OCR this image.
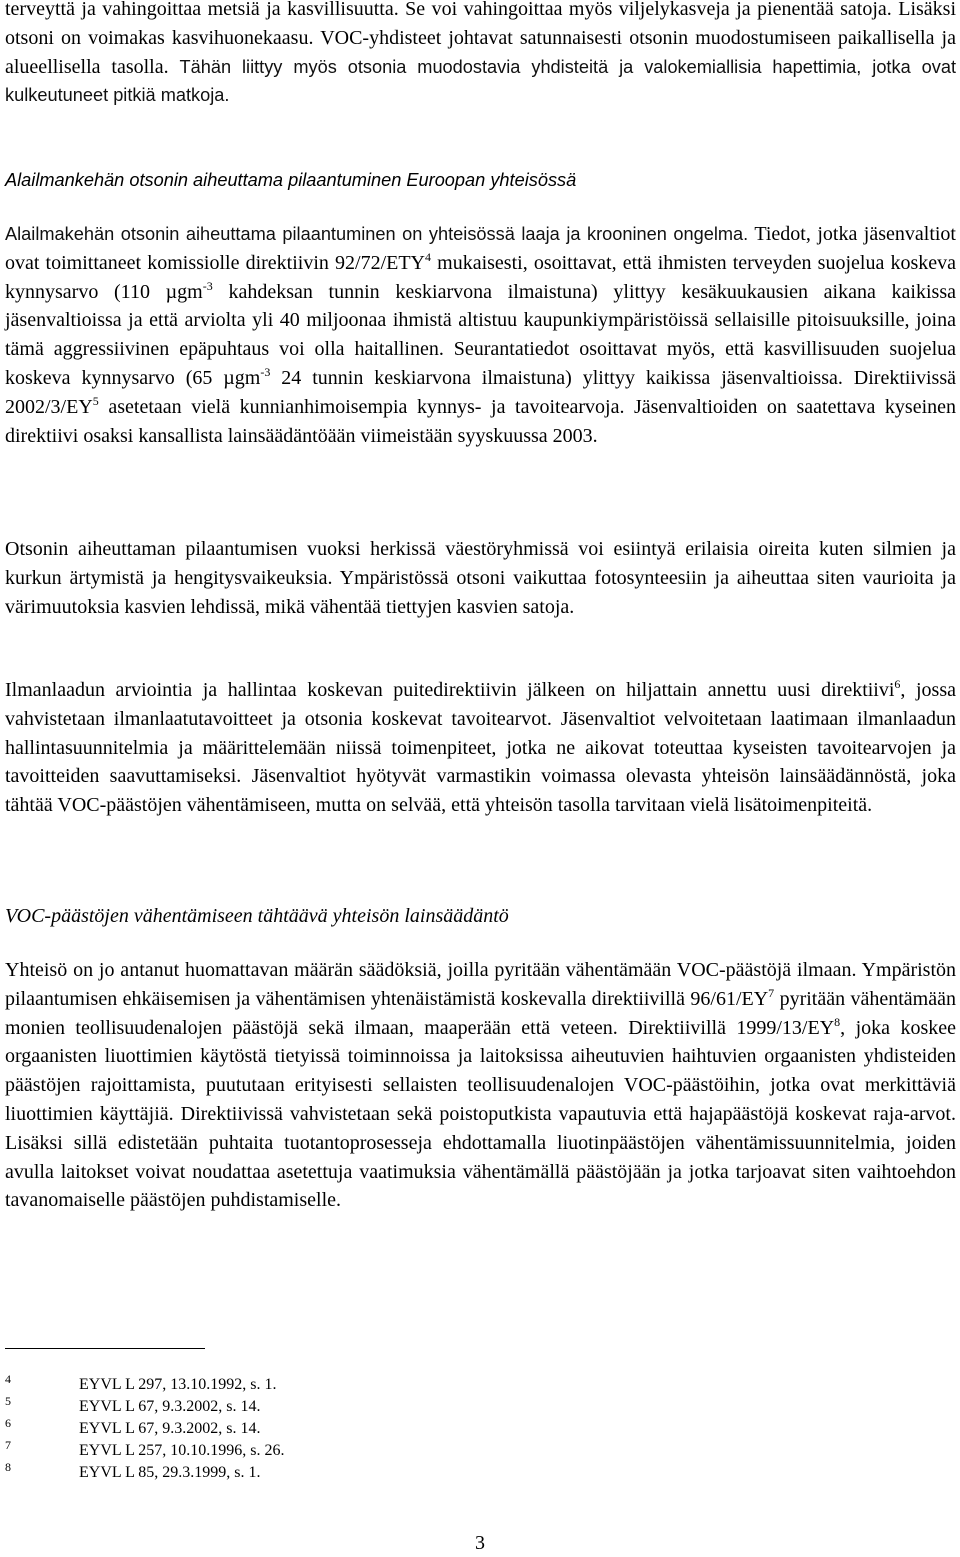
terveyttä ja vahingoittaa metsiä ja kasvillisuutta. Se voi vahingoittaa myös viljelykasveja ja pienentää satoja. Lisäksi otsoni on voimakas kasvihuonekaasu. VOC-yhdisteet johtavat satunnaisesti otsonin muodostumiseen paikallisella ja alueellisella tasolla. Tähän liittyy myös otsonia muodostavia yhdisteitä ja valokemiallisia hapettimia, jotka ovat kulkeutuneet pitkiä matkoja.

Alailmankehän otsonin aiheuttama pilaantuminen Euroopan yhteisössä

Alailmakehän otsonin aiheuttama pilaantuminen on yhteisössä laaja ja krooninen ongelma. Tiedot, jotka jäsenvaltiot ovat toimittaneet komissiolle direktiivin 92/72/ETY$^4$ mukaisesti, osoittavat, että ihmisten terveyden suojelua koskeva kynnysarvo (110 µgm$^{-3}$ kahdeksan tunnin keskiarvona ilmaistuna) ylittyy kesäkuukausien aikana kaikissa jäsenvaltioissa ja että arviolta yli 40 miljoonaa ihmistä altistuu kaupunkiympäristöissä sellaisille pitoisuuksille, joina tämä aggressiivinen epäpuhtaus voi olla haitallinen. Seurantatiedot osoittavat myös, että kasvillisuuden suojelua koskeva kynnysarvo (65 µgm$^{-3}$ 24 tunnin keskiarvona ilmaistuna) ylittyy kaikissa jäsenvaltioissa. Direktiivissä $2002/3/EY^5$ asetetaan vielä kunnianhimoisempia kynnys- ja tavoitearvoja. Jäsenvaltioiden on saatettava kyseinen direktiivi osaksi kansallista lainsäädäntöään viimeistään syyskuussa 2003.

Otsonin aiheuttaman pilaantumisen vuoksi herkissä väestöryhmissä voi esiintyä erilaisia oireita kuten silmien ja kurkun ärtymistä ja hengitysvaikeuksia. Ympäristössä otsoni vaikuttaa fotosynteesiin ja aiheuttaa siten vaurioita ja värimuutoksia kasvien lehdissä, mikä vähentää tiettyjen kasvien satoja.

Ilmanlaadun arviointia ja hallintaa koskevan puitedirektiivin jälkeen on hiljattain annettu uusi direktiivi$^6$, jossa vahvistetaan ilmanlaatutavoitteet ja otsonia koskevat tavoitearvot. Jäsenvaltiot velvoitetaan laatimaan ilmanlaadun hallintasuunnitelmia ja määrittelemään niissä toimenpiteet, jotka ne aikovat toteuttaa kyseisten tavoitearvojen ja tavoitteiden saavuttamiseksi. Jäsenvaltiot hyötyvät varmastikin voimassa olevasta yhteisön lainsäädännöstä, joka tähtää VOC-päästöjen vähentämiseen, mutta on selvää, että yhteisön tasolla tarvitaan vielä lisätoimenpiteitä.

VOC-päästöjen vähentämiseen tähtäävä yhteisön lainsäädäntö

Yhteisö on jo antanut huomattavan määrän säädöksiä, joilla pyritään vähentämään VOC-päästöjä ilmaan. Ympäristön pilaantumisen ehkäisemisen ja vähentämisen yhtenäistämistä koskevalla direktiivillä $96/61/EY^7$ pyritään vähentämään monien teollisuudenalojen päästöjä sekä ilmaan, maaperään että veteen. Direktiivillä $1999/13/EY^8$, joka koskee orgaanisten liuottimien käytöstä tietyissä toiminnoissa ja laitoksissa aiheutuvien haihtuvien orgaanisten yhdisteiden päästöjen rajoittamista, puututaan erityisesti sellaisten teollisuudenalojen VOC-päästöihin, jotka ovat merkittäviä liuottimien käyttäjiä. Direktiivissä vahvistetaan sekä poistoputkista vapautuvia että hajapäästöjä koskevat raja-arvot. Lisäksi sillä edistetään puhtaita tuotantoprosesseja ehdottamalla liuotinpäästöjen vähentämissuunnitelmia, joiden avulla laitokset voivat noudattaa asetettuja vaatimuksia vähentämällä päästöjään ja jotka tarjoavat siten vaihtoehdon tavanomaiselle päästöjen puhdistamiselle.

4	EYVL L 297, 13.10.1992, s. 1.
5	EYVL L 67, 9.3.2002, s. 14.
6	EYVL L 67, 9.3.2002, s. 14.
7	EYVL L 257, 10.10.1996, s. 26.
8	EYVL L 85, 29.3.1999, s. 1.
3
